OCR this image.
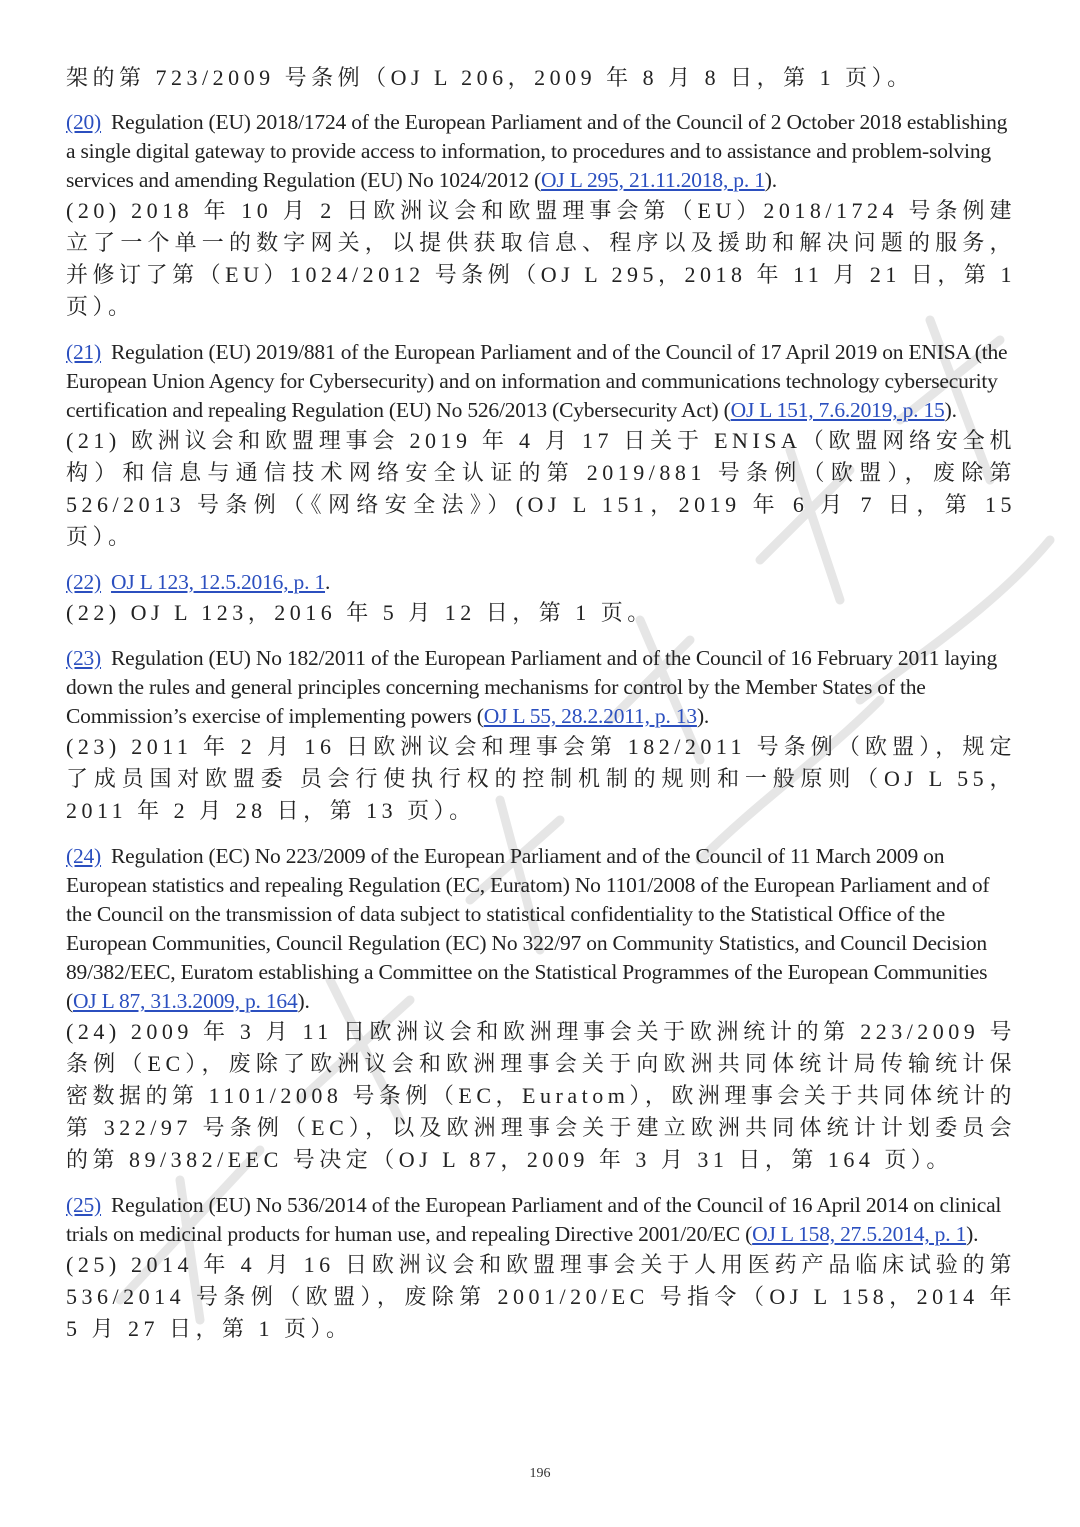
架的第 723/2009 号条例（OJ L 206，2009 年 8 月 8 日，第 1 页）。
(20) Regulation (EU) 2018/1724 of the European Parliament and of the Council of 2 October 2018 establishing a single digital gateway to provide access to information, to procedures and to assistance and problem-solving services and amending Regulation (EU) No 1024/2012 (OJ L 295, 21.11.2018, p. 1).
(20) 2018 年 10 月 2 日欧洲议会和欧盟理事会第（EU）2018/1724 号条例建立了一个单一的数字网关，以提供获取信息、程序以及援助和解决问题的服务，并修订了第（EU）1024/2012 号条例（OJ L 295，2018 年 11 月 21 日，第 1 页）。
(21) Regulation (EU) 2019/881 of the European Parliament and of the Council of 17 April 2019 on ENISA (the European Union Agency for Cybersecurity) and on information and communications technology cybersecurity certification and repealing Regulation (EU) No 526/2013 (Cybersecurity Act) (OJ L 151, 7.6.2019, p. 15).
(21) 欧洲议会和欧盟理事会 2019 年 4 月 17 日关于 ENISA（欧盟网络安全机构）和信息与通信技术网络安全认证的第 2019/881 号条例（欧盟），废除第 526/2013 号条例（《网络安全法》）(OJ L 151，2019 年 6 月 7 日，第 15 页）。
(22) OJ L 123, 12.5.2016, p. 1.
(22) OJ L 123，2016 年 5 月 12 日，第 1 页。
(23) Regulation (EU) No 182/2011 of the European Parliament and of the Council of 16 February 2011 laying down the rules and general principles concerning mechanisms for control by the Member States of the Commission’s exercise of implementing powers (OJ L 55, 28.2.2011, p. 13).
(23) 2011 年 2 月 16 日欧洲议会和理事会第 182/2011 号条例（欧盟），规定了成员国对欧盟委 员会行使执行权的控制机制的规则和一般原则（OJ L 55，2011 年 2 月 28 日，第 13 页）。
(24) Regulation (EC) No 223/2009 of the European Parliament and of the Council of 11 March 2009 on European statistics and repealing Regulation (EC, Euratom) No 1101/2008 of the European Parliament and of the Council on the transmission of data subject to statistical confidentiality to the Statistical Office of the European Communities, Council Regulation (EC) No 322/97 on Community Statistics, and Council Decision 89/382/EEC, Euratom establishing a Committee on the Statistical Programmes of the European Communities (OJ L 87, 31.3.2009, p. 164).
(24) 2009 年 3 月 11 日欧洲议会和欧洲理事会关于欧洲统计的第 223/2009 号条例（EC），废除了欧洲议会和欧洲理事会关于向欧洲共同体统计局传输统计保密数据的第 1101/2008 号条例（EC，Euratom），欧洲理事会关于共同体统计的第 322/97 号条例（EC），以及欧洲理事会关于建立欧洲共同体统计计划委员会的第 89/382/EEC 号决定（OJ L 87，2009 年 3 月 31 日，第 164 页）。
(25) Regulation (EU) No 536/2014 of the European Parliament and of the Council of 16 April 2014 on clinical trials on medicinal products for human use, and repealing Directive 2001/20/EC (OJ L 158, 27.5.2014, p. 1).
(25) 2014 年 4 月 16 日欧洲议会和欧盟理事会关于人用医药产品临床试验的第 536/2014 号条例（欧盟），废除第 2001/20/EC 号指令（OJ L 158，2014 年 5 月 27 日，第 1 页）。
196
